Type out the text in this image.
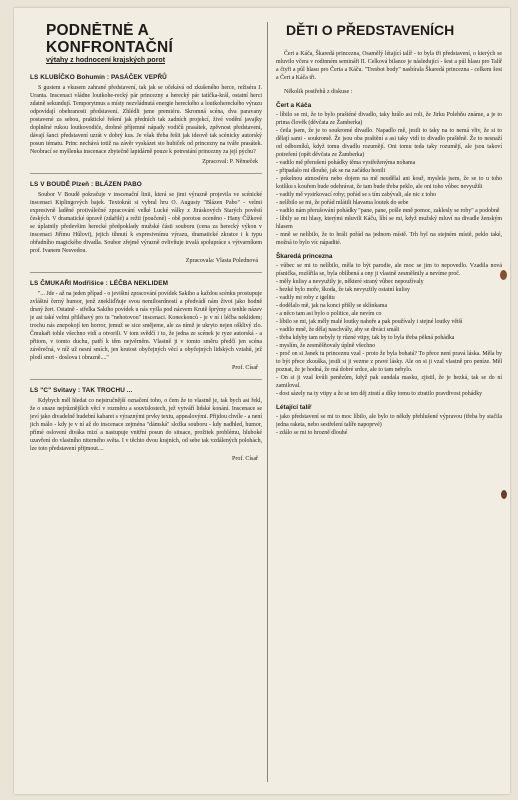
PODNĚTNÉ A KONFRONTAČNÍ
výtahy z hodnocení krajských porot
LS KLUBÍČKO Bohumín : PASÁČEK VEPŘŮ

S gustem a vkusem zahrané představení, tak jak se očekává od zkušeného herce, režiséra J. Uranta. Inscenaci vládne loutkohe-recký pár princezny a herecký pár tatíčka-král, ostatní herci zdatně sekundují. Temporytmus a místy nezvládnutá energie hereckého a loutkohereckého výrazu odpovídají obehranosti představení. Zhlédli jsme premiéru. Skromná scéna, dva paravany postavené za sebou, praktické řešení jak předních tak zadních projekcí, živé vodění javajky doplněné rukou loutkovodiče, drobné příjemné nápady vodičů prasátek, zpěvnost představení, dávají šanci představení uzrát v dobrý kus. Je však třeba řešit jak ideově tak scénicky autorský posun tématu. Princ nechává totiž na závěr vyskázet sto hubiček od princezny na tváře prasátek. Neobrací se myšlenka inscenace zbytečně lapidárně pouze k potrestání princezny za její pýchu?

Zpracoval: P. Němeček
LS V BOUDĚ Plzeň : BLÁZEN PABO

Soubor V Boudě pokračuje v inscenační linii, která se jimi výrazně projevila ve scénické inscenaci Kiplingových bajek. Textokrát si vybral hru O. Augusty "Blázen Pabo" - velmi expresivně laděné protiválečné zpracování velké Lucké války z Jiráskových Starých pověstí českých. V dramatické úpravě (zdařilé) a režii (poučené) - obě porotou oceněno - Hany Čížkové se úplatnily předevšim herecké předpoklady mužské části souboru (cena za herecký výkon v inscenaci Jiřímu Hůlovi), jejich tíhnutí k expresivnímu výrazu, dramatické zkratce i k typu obřadního magického divadla. Soubor zřejmě výrazně ovlivňuje trvalá spolupráce s výtvarníkem prof. Ivanem Nesvedou.

Zpracovala: Vlasta Polednová
LS ČMUKAŘI Modřišice : LÉČBA NEKLIDEM

"... Jde - až na jeden případ - o jevištní zpracování povídek Sakiho a každou scénku prostupuje zvláštní černý humor, jenž znekliďňuje svou nemilosrdností a předvádí nám život jako hodně drsný žert. Ostatně - střelka Sakiho povídek u nás vyšla pod názvem Krutě šprýmy a tenhle název je asi také velmi přiléhavý pro tu "nehotovou" inscenaci. Koneckonců - je v ní i léčba neklidem; trochu nás znepokojí ten horror, jemuž se sice smějeme, ale za nímž je ukryto nejen ošklivý zlo. Čmukaři tohle všechno vidí a otvorili. V tom svědčí i to, že jedna ze scének je ryze autorská - a přitom, v tomto duchu, patří k těm nejvěrněm. Vlastně ji v tomto směru předčí jen scéna závěrečná, v níž už nesní smích, jen krutost obyčejných věcí a obyčejných lidských vztahů, jež plodí smrt - doslova i obrazně...."

Prof. Císař
LS "C" Svitavy : TAK TROCHU ...

Kdybych měl hledat co nejstručnější označení toho, o čem že to vlastně je, tak bych asi řekl, že o snaze nejrůznějších věcí v rozměru a souvislostech, jež vytváří lidské konání. Inscenace se jeví jako divadelně hudební kabaret s výraznými prvky textu, appealovými. Přijdou chvíle - a není jich málo - kdy je v ní až do inscenace zejména "dámská" složka souboru - kdy nadhled, humor, přímé oslovení diváka mizí a nastupuje vnitřní posun do situace, prožitek problému, hluboké uzavření do vlastního niterného světa. I v těchto dvou krajních, od sebe tak vzdálených polohách, lze toto představení přijmout....

Prof. Císař
DĚTI O PŘEDSTAVENÍCH

Čert a Káča, Škaredá princezna, Osamělý létající talíř - to byla tři představení, o kterých se mluvilo včera v rodinném semináři II. Celková bilance je následující - šest a půl hlasu pro Talíř a čtyři a půl hlasu pro Čerta a Káču. "Tresbot body" nasbírala Škaredá princezna - celkem šest a Čert a Káča tři.

Několik postřehů z diskuse :

Čert a Káča

- líbilo se mi, že to bylo prašténé divadlo, taky hrálo asi roli, že Jirku Polehňu známe, a je to prima člověk (děvčata ze Žamberka)

- četla jsem, že je to soukromé divadlo. Napadlo mě, jestli to taky na to nemá vliv, že si to dělají sami - soukromě. Že jsou oba praštění a asi taky vidí to divadlo praštěně. Že to nesnaží od odborníků, když tomu divadlu rozumějí. Oni tomu teda taky rozumějí, ale jsou takoví potrefení (opět děvčata ze Žamberka)

- vadilo mě přerušení pohádky těma vystřeženýma nohama

- připadalo mi dlouhé, jak se na začátku honili

- pekelnou atmosféru nebo dojem na mě neudělal ani kouř, myslela jsem, že se to u toho kotlíku s kouřem bude odehrávat, že tam bude třeba peklo, ale oni toho vůbec nevyužili

- vadily mě vystrkovací roby; pořád se s tím zabývali, ale nic z toho

- nelíbilo se mi, že pořád mlátili hlavama loutek do sebe

- vadilo nám přerušování pohádky "pane, pane, pošle mně pomoc, zaklesly se roby" a podobně

- líbily se mi hlasy, kterými mluvili Káču, líbí se mi, když mužský mluví na divadle ženským hlasem

- mně se nelíbilo, že to hráli pořád na jednom místě. Trh byl na stejném místě, peklo také, možná to bylo víc nápadité.

Škaredá princezna

- vůbec se mi to nelíbilo, měla to být parodie, ale moc se jim to nepovedlo. Vzadila nová písnička, rozšířila se, byla oblíbená a ony ji vlastně zesměšnily a nevíme proč.

- měly kulisy a nevyužily je, některé straný vůbec nepoužívaly

- hezké bylo moře, škoda, že tak nevyužily ostatní kulisy

- vadily mi roby z igelitu

- dodělalo mě, jak na konci přišly se sklínkama

- a něco tam asi bylo o politice, ale nevím co

- líbilo se mi, jak měly malé loutky nahoře a pak používaly i stejné loutky větší

- vadilo mně, že dělaj naschvály, aby se diváci smáli

- třeba kdyby tam nebyly ty různé vtipy, tak by to byla třeba pěkná pohádka

- myslím, že zesměšňovaly úplně všechno

- proč on si Janek tu princeznu vzal - proto že byla bohatá? To přece není pravá láska. Měla by to být přece zkouška, jestli si ji vezme z pravé lásky. Ale on si ji vzal vlastně pro peníze. Měl poznat, že je hodná, že má dobré srdce, ale to tam nebylo.

- On si ji vzal kvůli penězům, když pak sundala masku, zjistil, že je hezká, tak se do ní zamiloval.

- dost sázely na ty vtipy a že se ten děj ztratí a díky tomu to ztratilo pravdivost pohádky

Létající talíř

- jako představení se mi to moc líbilo, ale bylo to někdy přehlušené výpravou (třeba by stačila jedna raketa, nebo sestřelení talíře napoprvé)

- zdálo se mi to hrozně dlouhé
